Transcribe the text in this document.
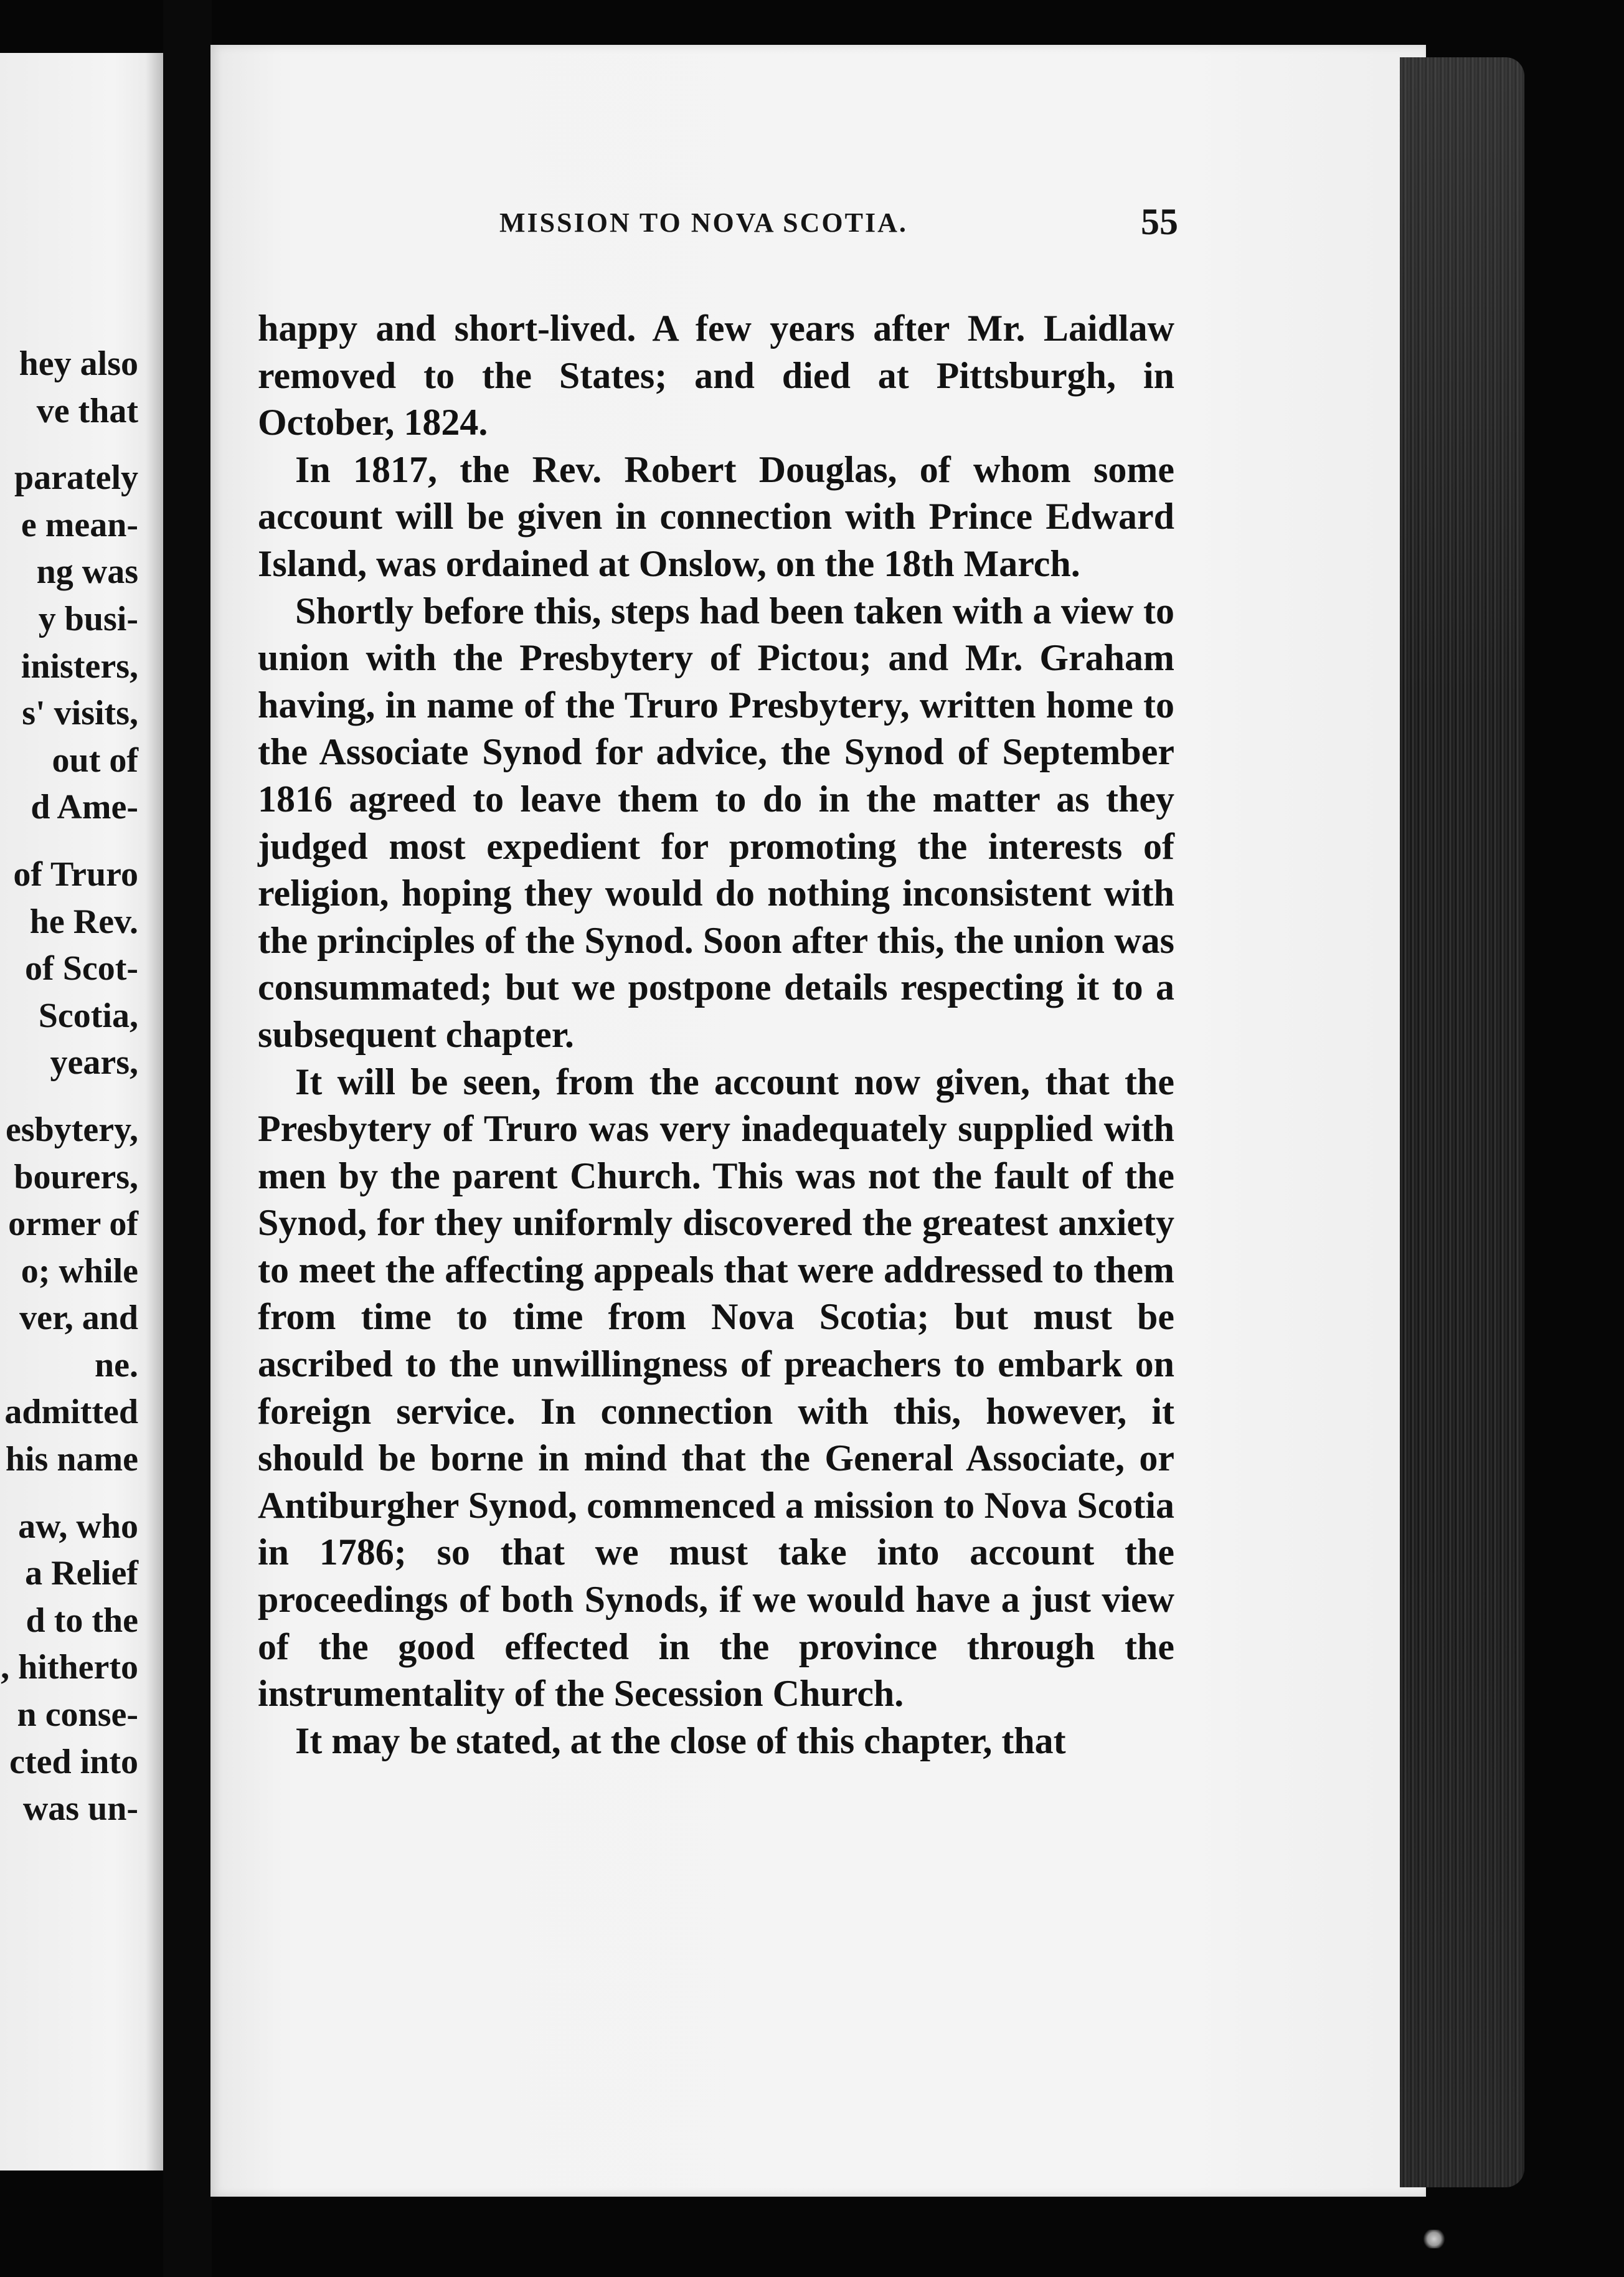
hey also
ve that
parately
e mean-
ng was
y busi-
inisters,
s' visits,
out of
d Ame-
of Truro
he Rev.
of Scot-
Scotia,
years,
esbytery,
bourers,
ormer of
o; while
ver, and
ne.
admitted
his name
aw, who
a Relief
d to the
, hitherto
n conse-
cted into
was un-
MISSION TO NOVA SCOTIA.	55

happy and short-lived. A few years after Mr. Laidlaw removed to the States; and died at Pittsburgh, in October, 1824.

In 1817, the Rev. Robert Douglas, of whom some account will be given in connection with Prince Edward Island, was ordained at Onslow, on the 18th March.

Shortly before this, steps had been taken with a view to union with the Presbytery of Pictou; and Mr. Graham having, in name of the Truro Presbytery, written home to the Associate Synod for advice, the Synod of September 1816 agreed to leave them to do in the matter as they judged most expedient for promoting the interests of religion, hoping they would do nothing inconsistent with the principles of the Synod. Soon after this, the union was consummated; but we postpone details respecting it to a subsequent chapter.

It will be seen, from the account now given, that the Presbytery of Truro was very inadequately supplied with men by the parent Church. This was not the fault of the Synod, for they uniformly discovered the greatest anxiety to meet the affecting appeals that were addressed to them from time to time from Nova Scotia; but must be ascribed to the unwillingness of preachers to embark on foreign service. In connection with this, however, it should be borne in mind that the General Associate, or Antiburgher Synod, commenced a mission to Nova Scotia in 1786; so that we must take into account the proceedings of both Synods, if we would have a just view of the good effected in the province through the instrumentality of the Secession Church.

It may be stated, at the close of this chapter, that
